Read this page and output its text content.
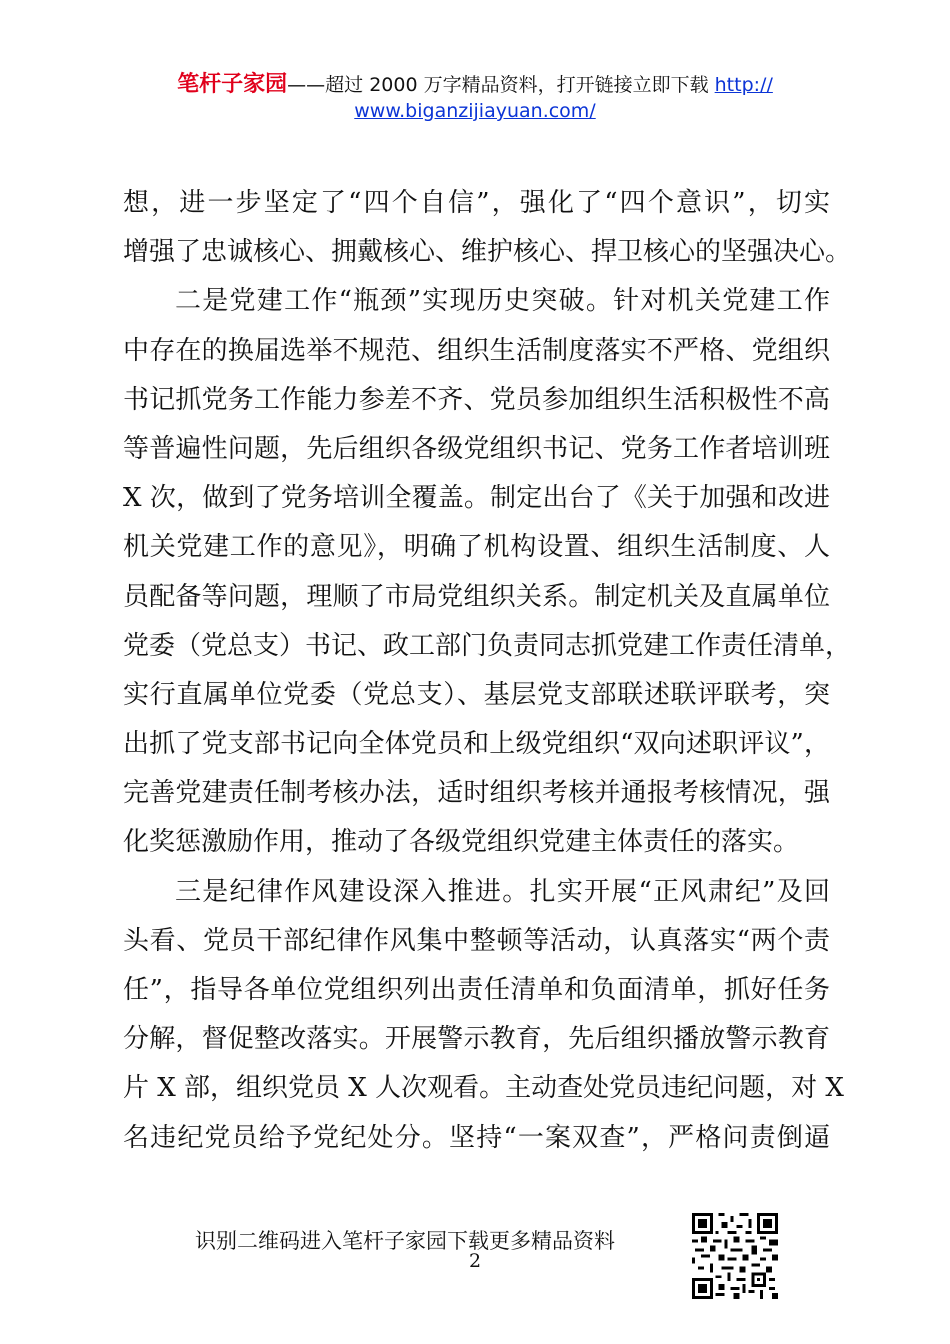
笔杆子家园——超过 2000 万字精品资料，打开链接立即下载 http://
www.biganzijiayuan.com/
想，进一步坚定了“四个自信”，强化了“四个意识”，切实
增强了忠诚核心、拥戴核心、维护核心、捍卫核心的坚强决心。
二是党建工作“瓶颈”实现历史突破。针对机关党建工作
中存在的换届选举不规范、组织生活制度落实不严格、党组织
书记抓党务工作能力参差不齐、党员参加组织生活积极性不高
等普遍性问题，先后组织各级党组织书记、党务工作者培训班
X 次，做到了党务培训全覆盖。制定出台了《关于加强和改进
机关党建工作的意见》，明确了机构设置、组织生活制度、人
员配备等问题，理顺了市局党组织关系。制定机关及直属单位
党委（党总支）书记、政工部门负责同志抓党建工作责任清单，
实行直属单位党委（党总支）、基层党支部联述联评联考，突
出抓了党支部书记向全体党员和上级党组织“双向述职评议”，
完善党建责任制考核办法，适时组织考核并通报考核情况，强
化奖惩激励作用，推动了各级党组织党建主体责任的落实。
三是纪律作风建设深入推进。扎实开展“正风肃纪”及回
头看、党员干部纪律作风集中整顿等活动，认真落实“两个责
任”，指导各单位党组织列出责任清单和负面清单，抓好任务
分解，督促整改落实。开展警示教育，先后组织播放警示教育
片 X 部，组织党员 X 人次观看。主动查处党员违纪问题，对 X
名违纪党员给予党纪处分。坚持“一案双查”，严格问责倒逼
识别二维码进入笔杆子家园下载更多精品资料
2
